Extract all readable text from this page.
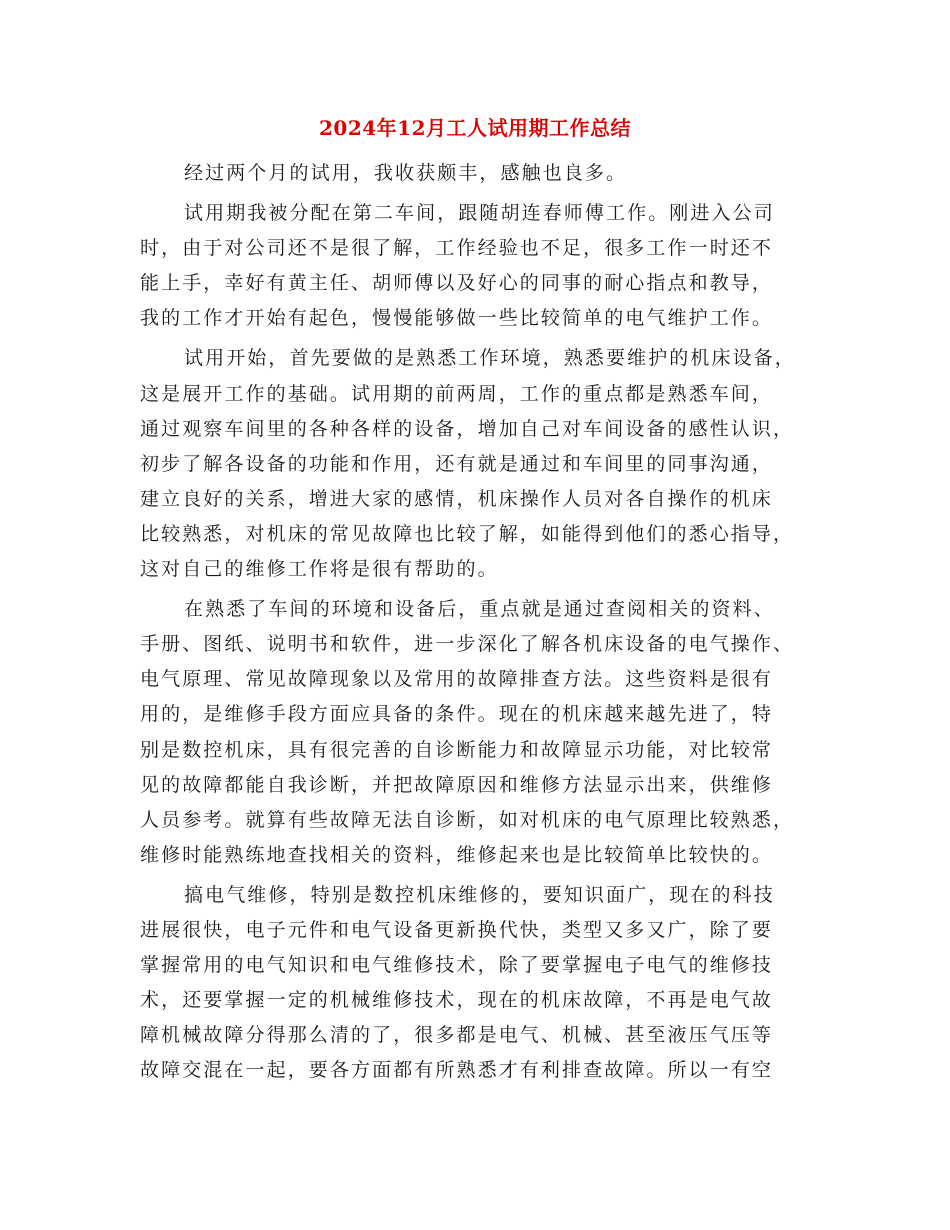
2024年12月工人试用期工作总结
经过两个月的试用，我收获颇丰，感触也良多。
试用期我被分配在第二车间，跟随胡连春师傅工作。刚进入公司
时，由于对公司还不是很了解，工作经验也不足，很多工作一时还不
能上手，幸好有黄主任、胡师傅以及好心的同事的耐心指点和教导，
我的工作才开始有起色，慢慢能够做一些比较简单的电气维护工作。
试用开始，首先要做的是熟悉工作环境，熟悉要维护的机床设备，
这是展开工作的基础。试用期的前两周，工作的重点都是熟悉车间，
通过观察车间里的各种各样的设备，增加自己对车间设备的感性认识，
初步了解各设备的功能和作用，还有就是通过和车间里的同事沟通，
建立良好的关系，增进大家的感情，机床操作人员对各自操作的机床
比较熟悉，对机床的常见故障也比较了解，如能得到他们的悉心指导，
这对自己的维修工作将是很有帮助的。
在熟悉了车间的环境和设备后，重点就是通过查阅相关的资料、
手册、图纸、说明书和软件，进一步深化了解各机床设备的电气操作、
电气原理、常见故障现象以及常用的故障排查方法。这些资料是很有
用的，是维修手段方面应具备的条件。现在的机床越来越先进了，特
别是数控机床，具有很完善的自诊断能力和故障显示功能，对比较常
见的故障都能自我诊断，并把故障原因和维修方法显示出来，供维修
人员参考。就算有些故障无法自诊断，如对机床的电气原理比较熟悉，
维修时能熟练地查找相关的资料，维修起来也是比较简单比较快的。
搞电气维修，特别是数控机床维修的，要知识面广，现在的科技
进展很快，电子元件和电气设备更新换代快，类型又多又广，除了要
掌握常用的电气知识和电气维修技术，除了要掌握电子电气的维修技
术，还要掌握一定的机械维修技术，现在的机床故障，不再是电气故
障机械故障分得那么清的了，很多都是电气、机械、甚至液压气压等
故障交混在一起，要各方面都有所熟悉才有利排查故障。所以一有空
